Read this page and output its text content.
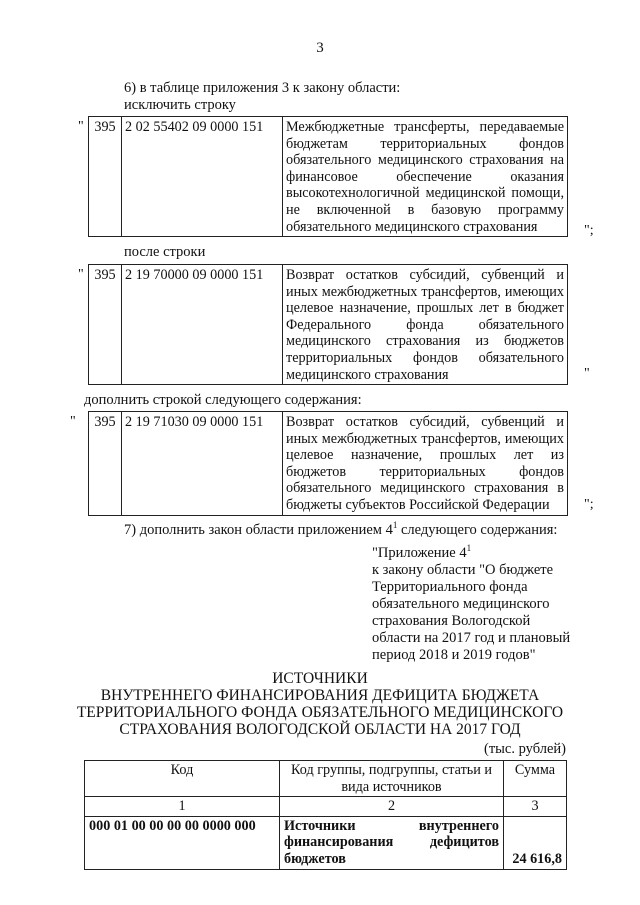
3
6) в таблице приложения 3 к закону области:
исключить строку
" 395	2 02 55402 09 0000 151	Межбюджетные трансферты, передаваемые бюджетам территориальных фондов обязательного медицинского страхования на финансовое обеспечение оказания высокотехнологичной медицинской помощи, не включенной в базовую программу обязательного медицинского страхования	";
после строки
" 395	2 19 70000 09 0000 151	Возврат остатков субсидий, субвенций и иных межбюджетных трансфертов, имеющих целевое назначение, прошлых лет в бюджет Федерального фонда обязательного медицинского страхования из бюджетов территориальных фондов обязательного медицинского страхования	"
дополнить строкой следующего содержания:
" 395	2 19 71030 09 0000 151	Возврат остатков субсидий, субвенций и иных межбюджетных трансфертов, имеющих целевое назначение, прошлых лет из бюджетов территориальных фондов обязательного медицинского страхования в бюджеты субъектов Российской Федерации ";
7) дополнить закон области приложением $4^1$ следующего содержания:
"Приложение $4^1$
к закону области "О бюджете
Территориального фонда
обязательного медицинского
страхования Вологодской
области на 2017 год и плановый
период 2018 и 2019 годов"
ИСТОЧНИКИ
ВНУТРЕННЕГО ФИНАНСИРОВАНИЯ ДЕФИЦИТА БЮДЖЕТА
ТЕРРИТОРИАЛЬНОГО ФОНДА ОБЯЗАТЕЛЬНОГО МЕДИЦИНСКОГО
СТРАХОВАНИЯ ВОЛОГОДСКОЙ ОБЛАСТИ НА 2017 ГОД
(тыс. рублей)
Код	Код группы, подгруппы, статьи и вида источников	Сумма
1	2	3
000 01 00 00 00 00 0000 000	Источники внутреннего финансирования дефицитов бюджетов	24 616,8
